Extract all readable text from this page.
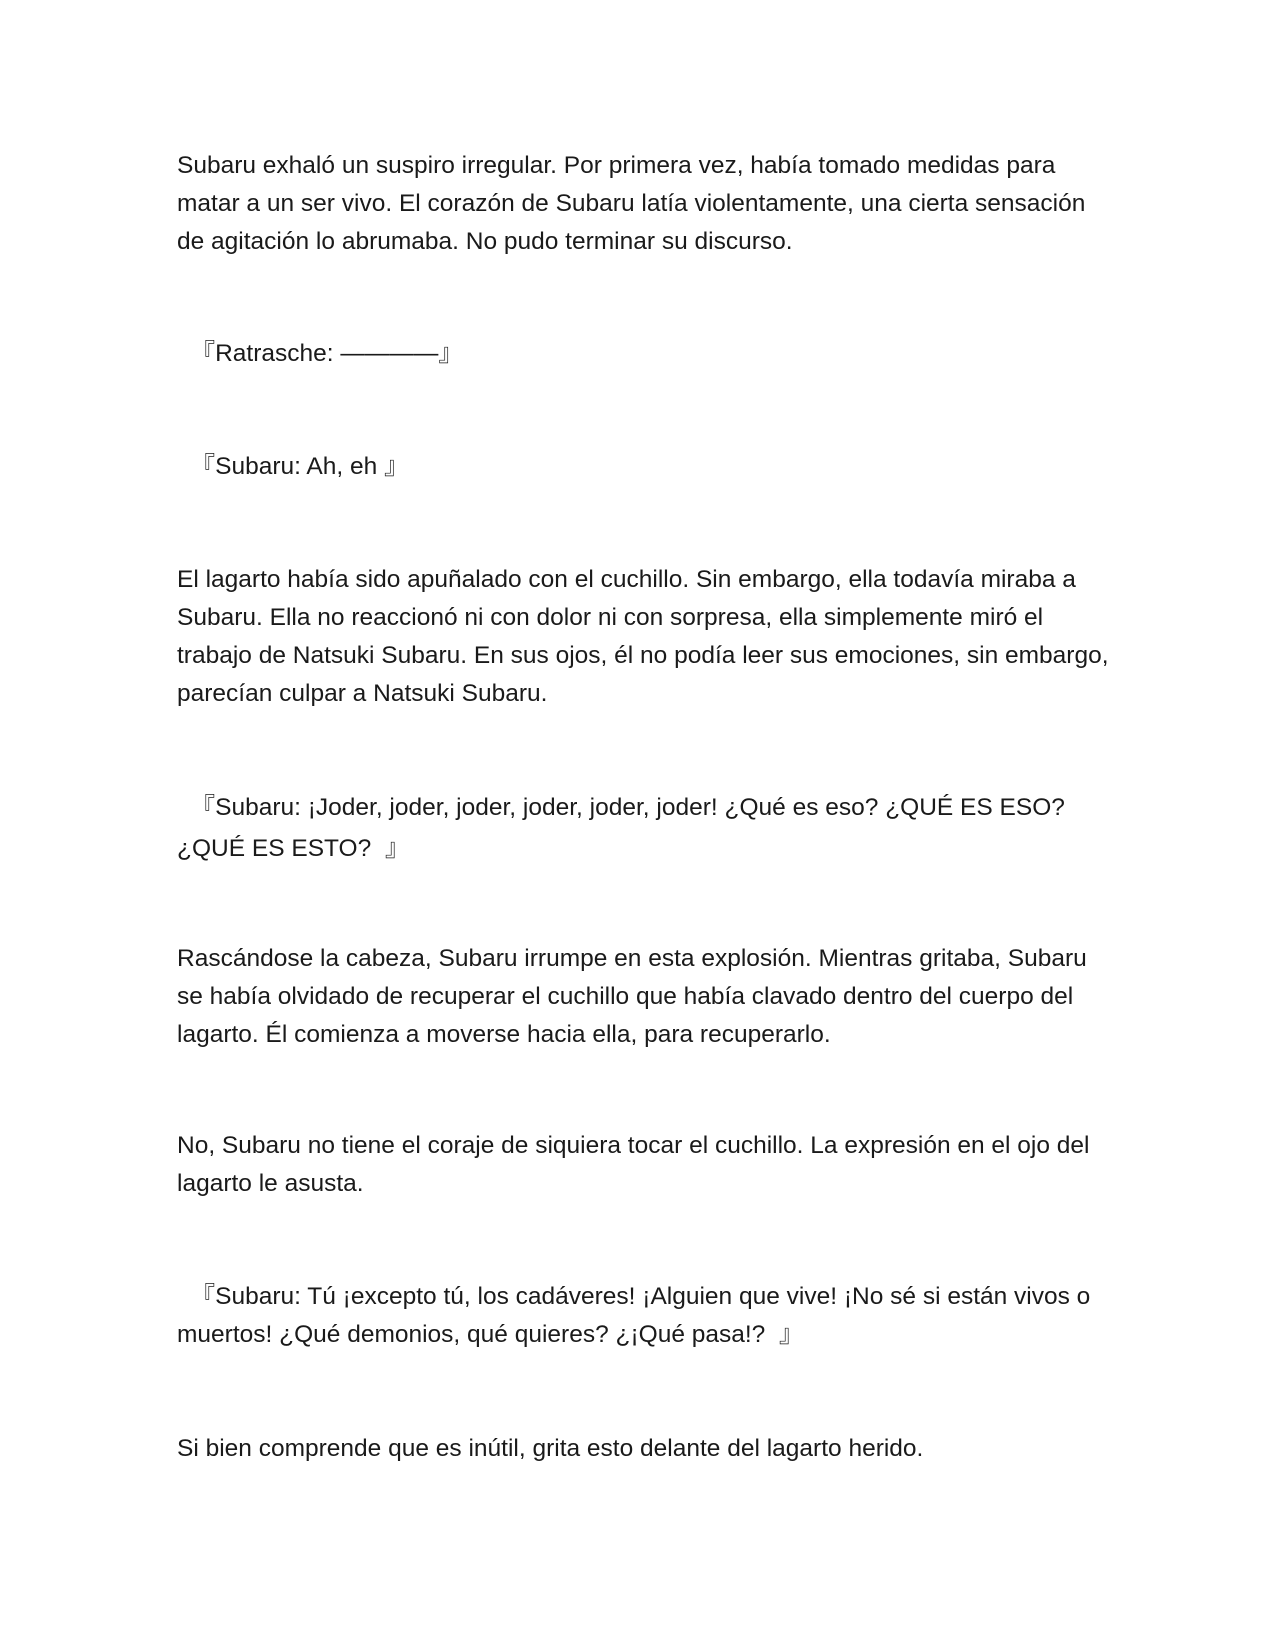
Subaru exhaló un suspiro irregular. Por primera vez, había tomado medidas para matar a un ser vivo. El corazón de Subaru latía violentamente, una cierta sensación de agitación lo abrumaba. No pudo terminar su discurso.

『Ratrasche: ————』

『Subaru: Ah, eh 』

El lagarto había sido apuñalado con el cuchillo. Sin embargo, ella todavía miraba a Subaru. Ella no reaccionó ni con dolor ni con sorpresa, ella simplemente miró el trabajo de Natsuki Subaru. En sus ojos, él no podía leer sus emociones, sin embargo, parecían culpar a Natsuki Subaru.

『Subaru: ¡Joder, joder, joder, joder, joder, joder! ¿Qué es eso? ¿QUÉ ES ESO? ¿QUÉ ES ESTO?  』

Rascándose la cabeza, Subaru irrumpe en esta explosión. Mientras gritaba, Subaru se había olvidado de recuperar el cuchillo que había clavado dentro del cuerpo del lagarto. Él comienza a moverse hacia ella, para recuperarlo.

No, Subaru no tiene el coraje de siquiera tocar el cuchillo. La expresión en el ojo del lagarto le asusta.

『Subaru: Tú ¡excepto tú, los cadáveres! ¡Alguien que vive! ¡No sé si están vivos o muertos! ¿Qué demonios, qué quieres? ¿¡Qué pasa!?  』

Si bien comprende que es inútil, grita esto delante del lagarto herido.
